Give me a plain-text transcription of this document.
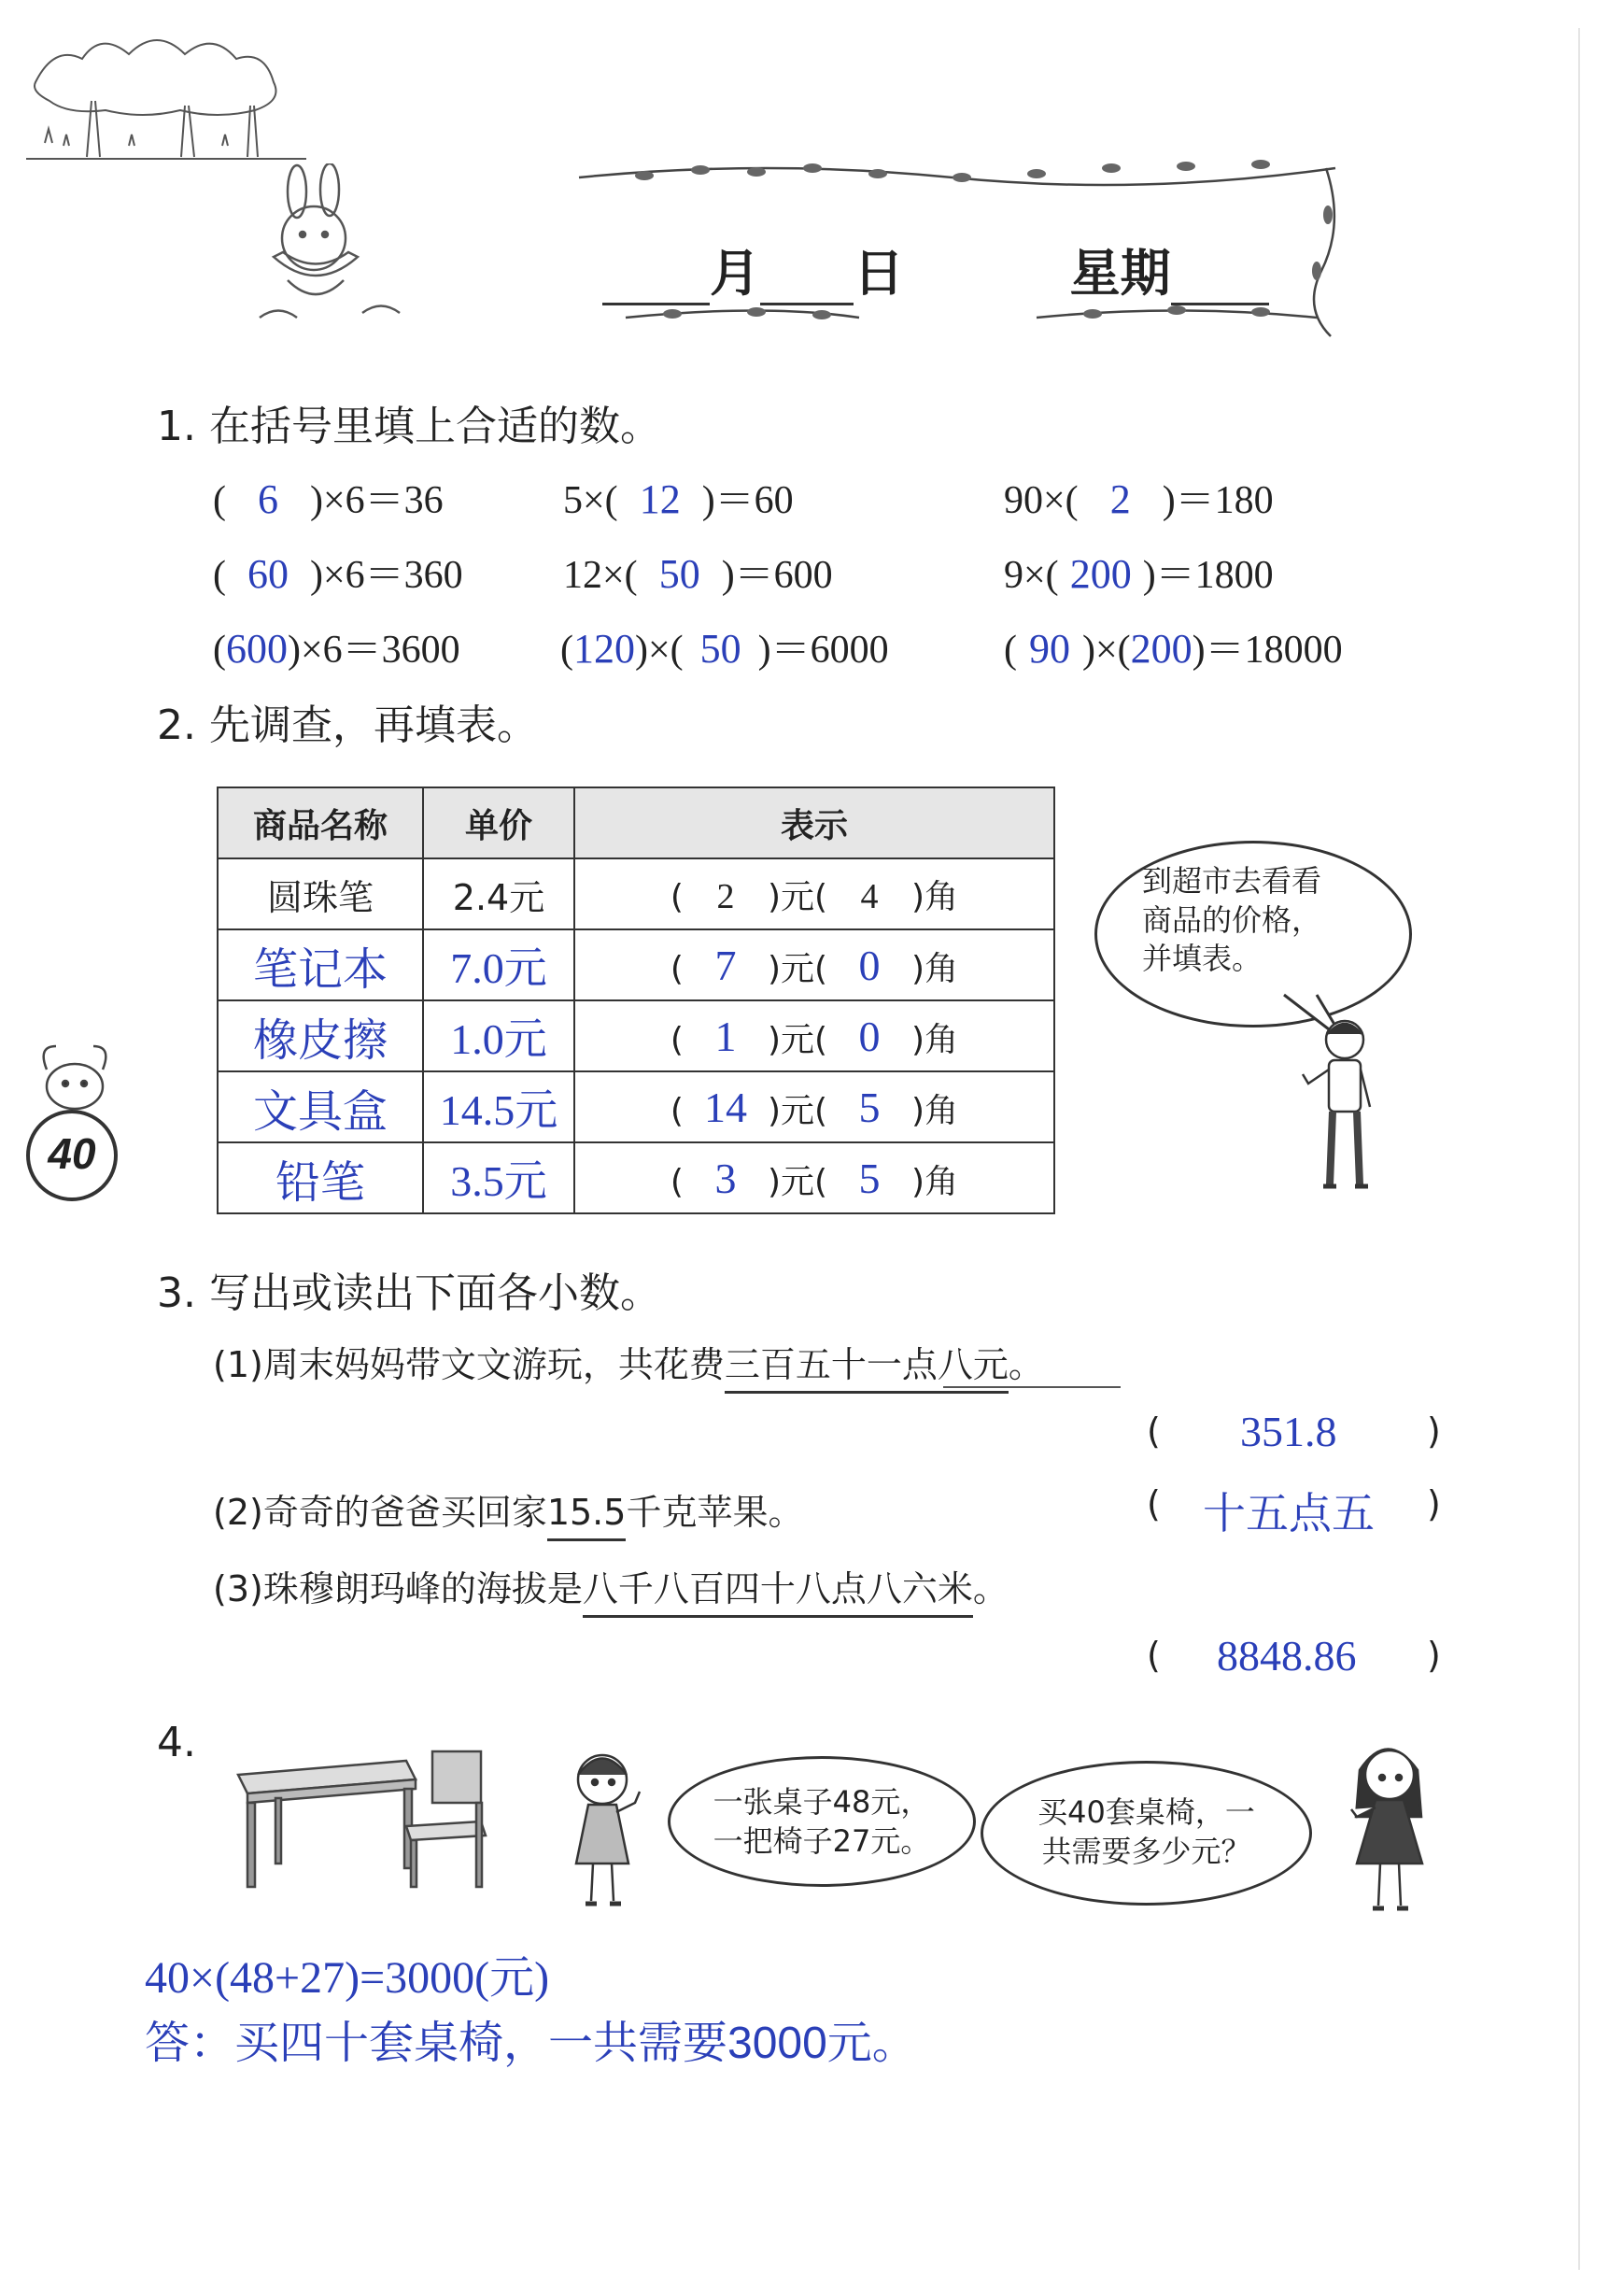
月 日	星期
1. 在括号里填上合适的数。
( 6 )×6＝36	5×( 12 )＝60	90×( 2 )＝180
( 60 )×6＝360	12×( 50 )＝600	9×( 200 )＝1800
(600)×6＝3600	(120)×( 50 )＝6000	( 90 )×(200)＝18000
2. 先调查，再填表。
商品名称	单价	表示
圆珠笔	2.4元	( 2 )元( 4 )角
笔记本	7.0元	( 7 )元( 0 )角
橡皮擦	1.0元	( 1 )元( 0 )角
文具盒	14.5元	( 14 )元( 5 )角
铅笔	3.5元	( 3 )元( 5 )角
到超市去看看
商品的价格，
并填表。
40
3. 写出或读出下面各小数。
(1)周末妈妈带文文游玩，共花费三百五十一点八元。
( 351.8	)
(2)奇奇的爸爸买回家15.5千克苹果。	( 十五点五 )
(3)珠穆朗玛峰的海拔是八千八百四十八点八六米。
( 8848.86 )
4.
一张桌子48元，
一把椅子27元。
买40套桌椅，一
共需要多少元？
40×(48+27)=3000(元)
答：买四十套桌椅，一共需要3000元。
